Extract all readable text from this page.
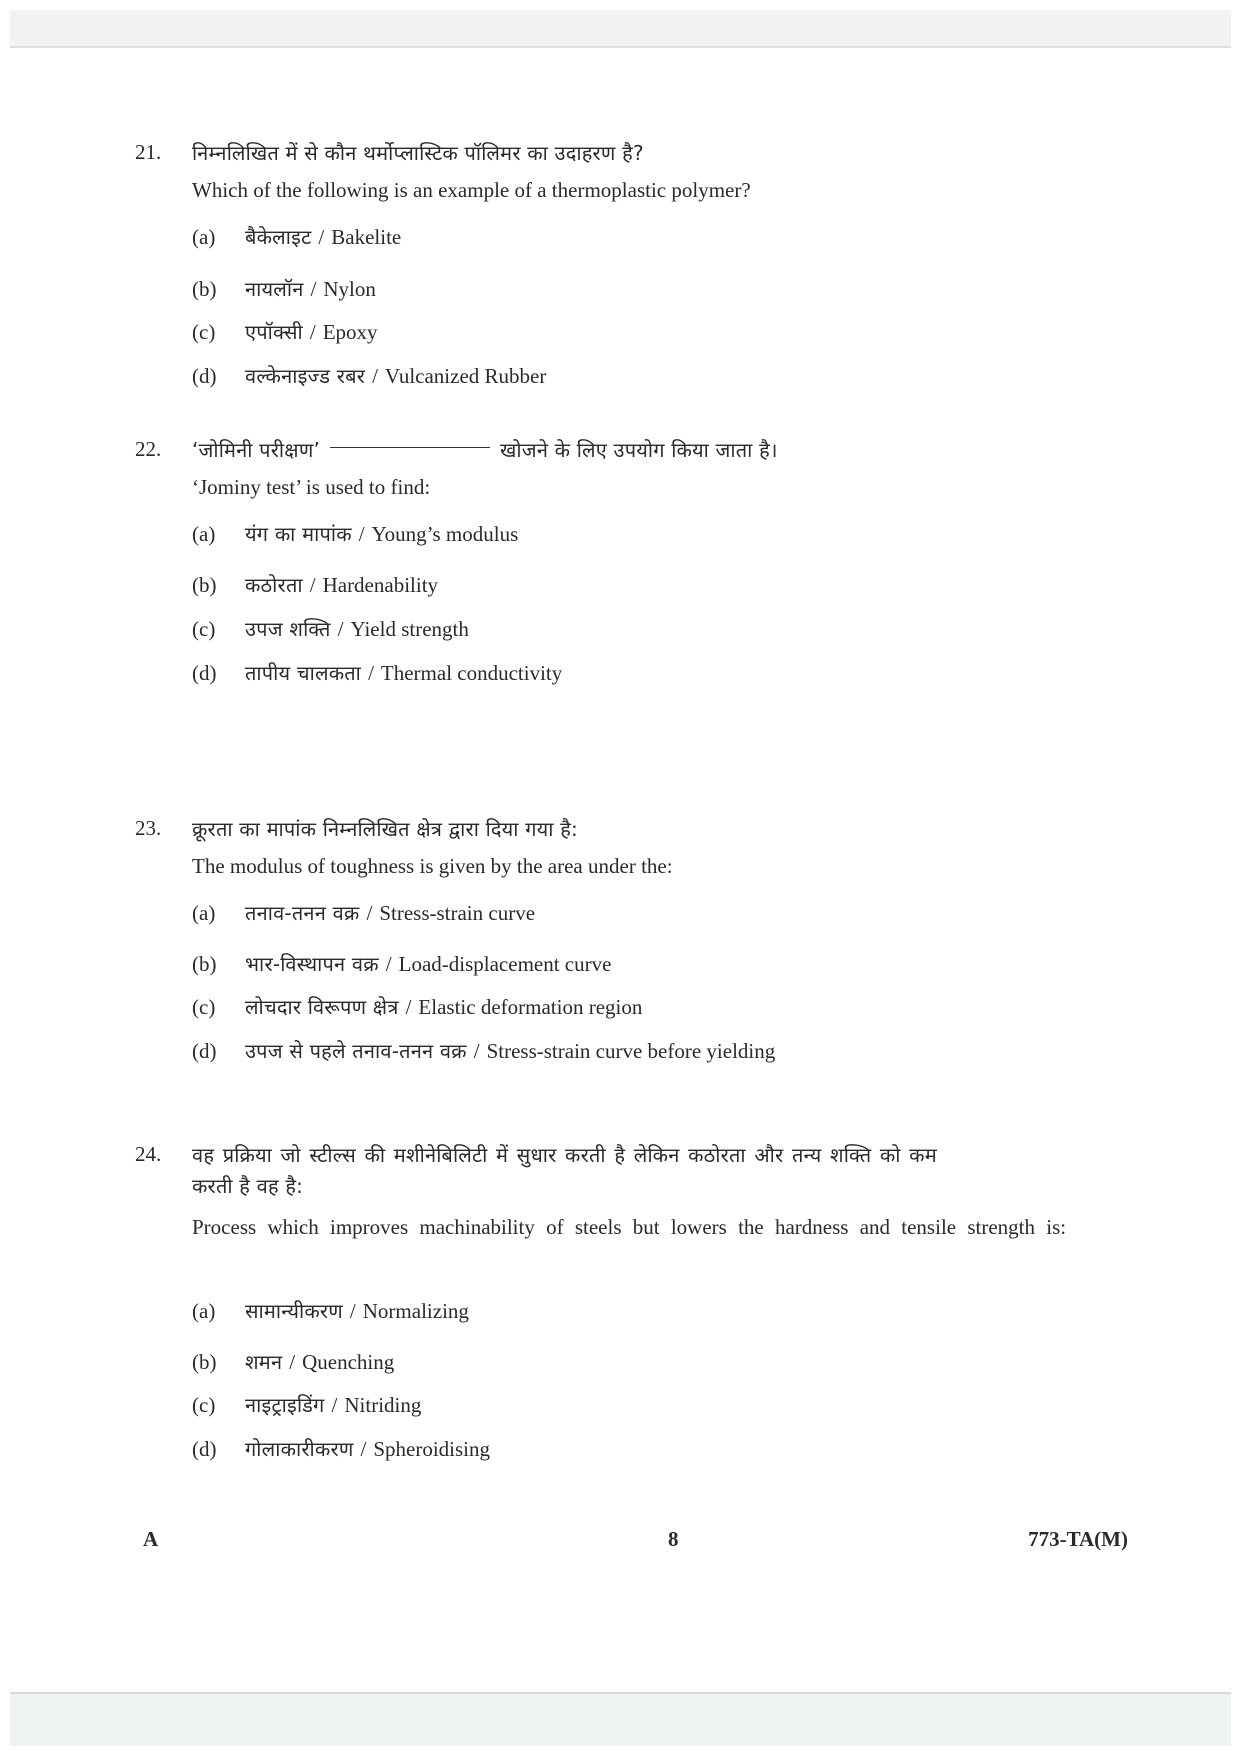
21. निम्नलिखित में से कौन थर्मोप्लास्टिक पॉलिमर का उदाहरण है?
Which of the following is an example of a thermoplastic polymer?
(a)	बैकेलाइट / Bakelite
(b)	नायलॉन / Nylon
(c)	एपॉक्सी / Epoxy
(d)	वल्केनाइज्ड रबर / Vulcanized Rubber
22. ‘जोमिनी परीक्षण’	खोजने के लिए उपयोग किया जाता है।
‘Jominy test’ is used to find:
(a)	यंग का मापांक / Young’s modulus
(b)	कठोरता / Hardenability
(c)	उपज शक्ति / Yield strength
(d)	तापीय चालकता / Thermal conductivity
23. क्रूरता का मापांक निम्नलिखित क्षेत्र द्वारा दिया गया है:
The modulus of toughness is given by the area under the:
(a)	तनाव-तनन वक्र / Stress-strain curve
(b)	भार-विस्थापन वक्र / Load-displacement curve
(c)	लोचदार विरूपण क्षेत्र / Elastic deformation region
(d)	उपज से पहले तनाव-तनन वक्र / Stress-strain curve before yielding
24. वह प्रक्रिया जो स्टील्स की मशीनेबिलिटी में सुधार करती है लेकिन कठोरता और तन्य शक्ति को कम
करती है वह है:
Process which improves machinability of steels but lowers the hardness and tensile strength is:
(a)	सामान्यीकरण / Normalizing
(b)	शमन / Quenching
(c)	नाइट्राइडिंग / Nitriding
(d)	गोलाकारीकरण / Spheroidising
A	8	773-TA(M)
